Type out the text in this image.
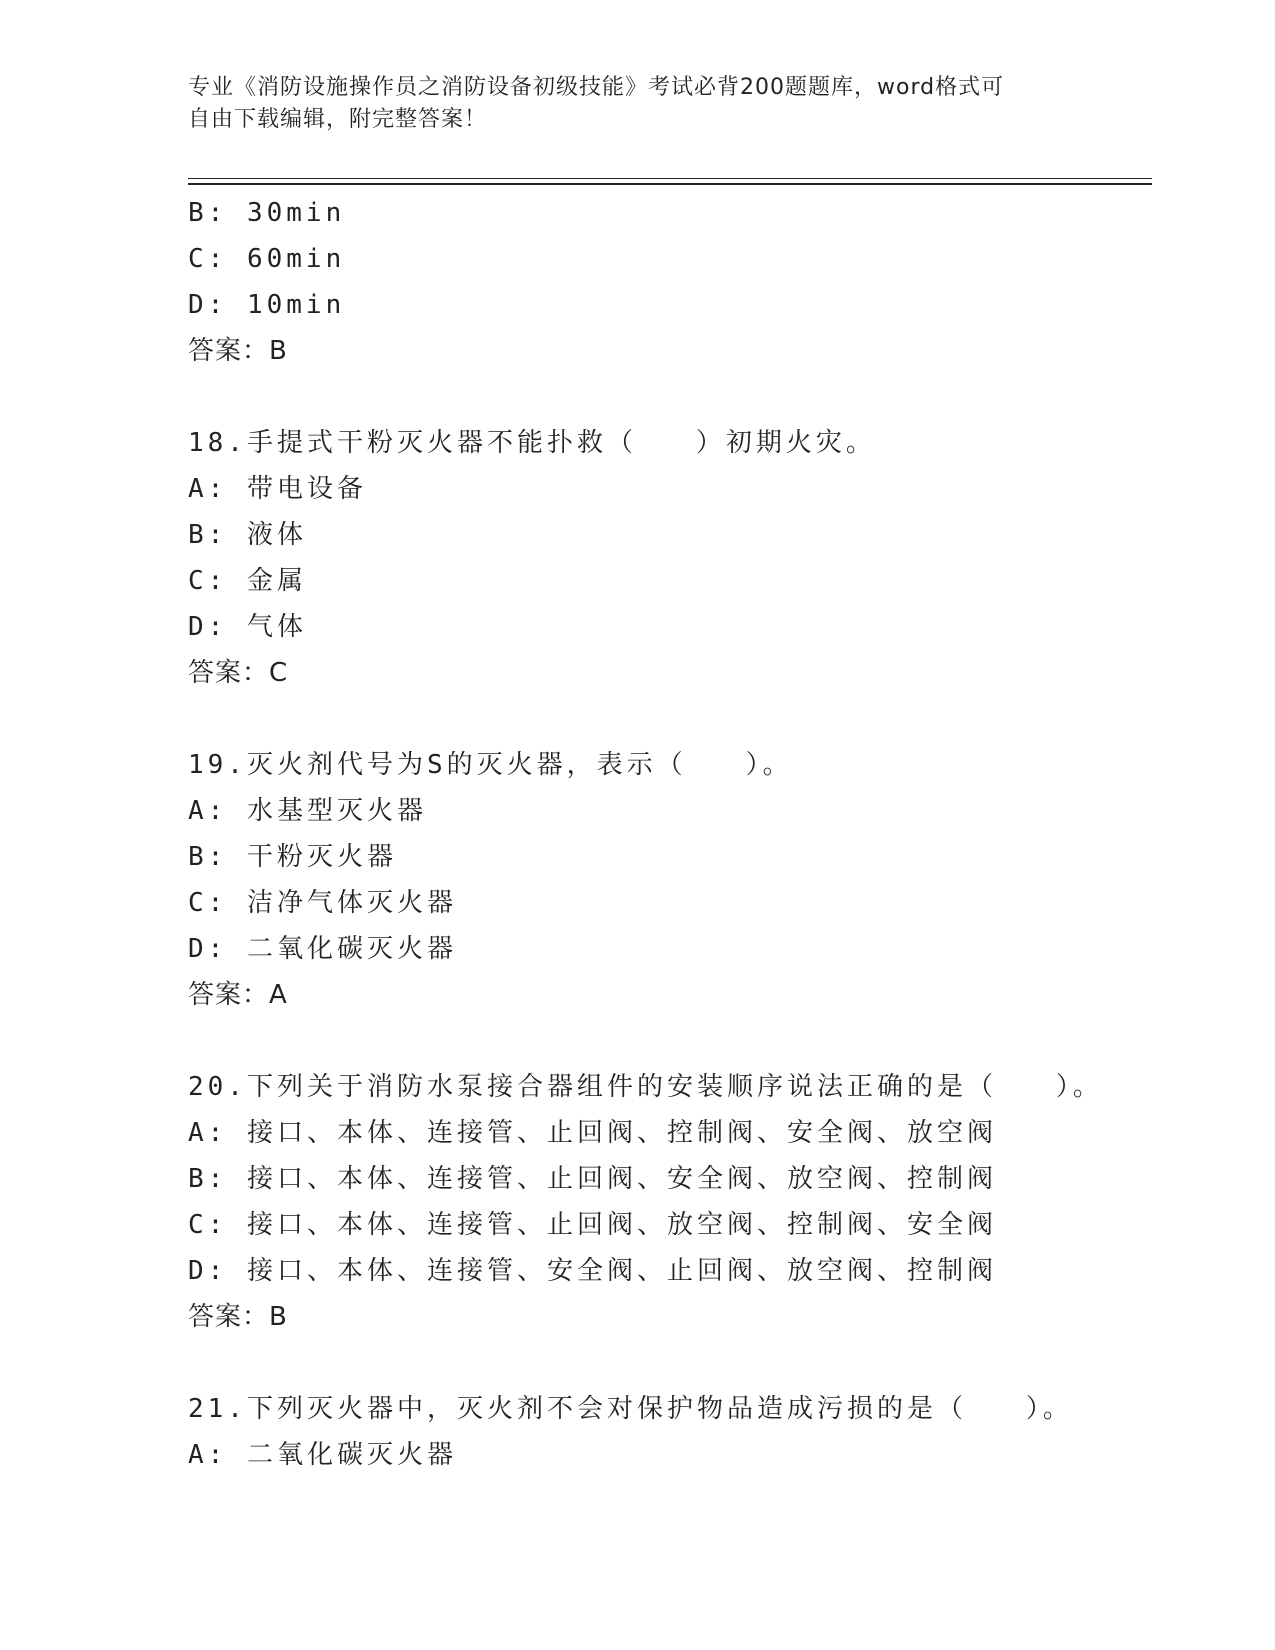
专业《消防设施操作员之消防设备初级技能》考试必背200题题库，word格式可
自由下载编辑，附完整答案！
B: 30min
C: 60min
D: 10min
答案：B
18.手提式干粉灭火器不能扑救（   ）初期火灾。
A: 带电设备
B: 液体
C: 金属
D: 气体
答案：C
19.灭火剂代号为S的灭火器，表示（   ）。
A: 水基型灭火器
B: 干粉灭火器
C: 洁净气体灭火器
D: 二氧化碳灭火器
答案：A
20.下列关于消防水泵接合器组件的安装顺序说法正确的是（   ）。
A: 接口、本体、连接管、止回阀、控制阀、安全阀、放空阀
B: 接口、本体、连接管、止回阀、安全阀、放空阀、控制阀
C: 接口、本体、连接管、止回阀、放空阀、控制阀、安全阀
D: 接口、本体、连接管、安全阀、止回阀、放空阀、控制阀
答案：B
21.下列灭火器中，灭火剂不会对保护物品造成污损的是（   ）。
A: 二氧化碳灭火器
